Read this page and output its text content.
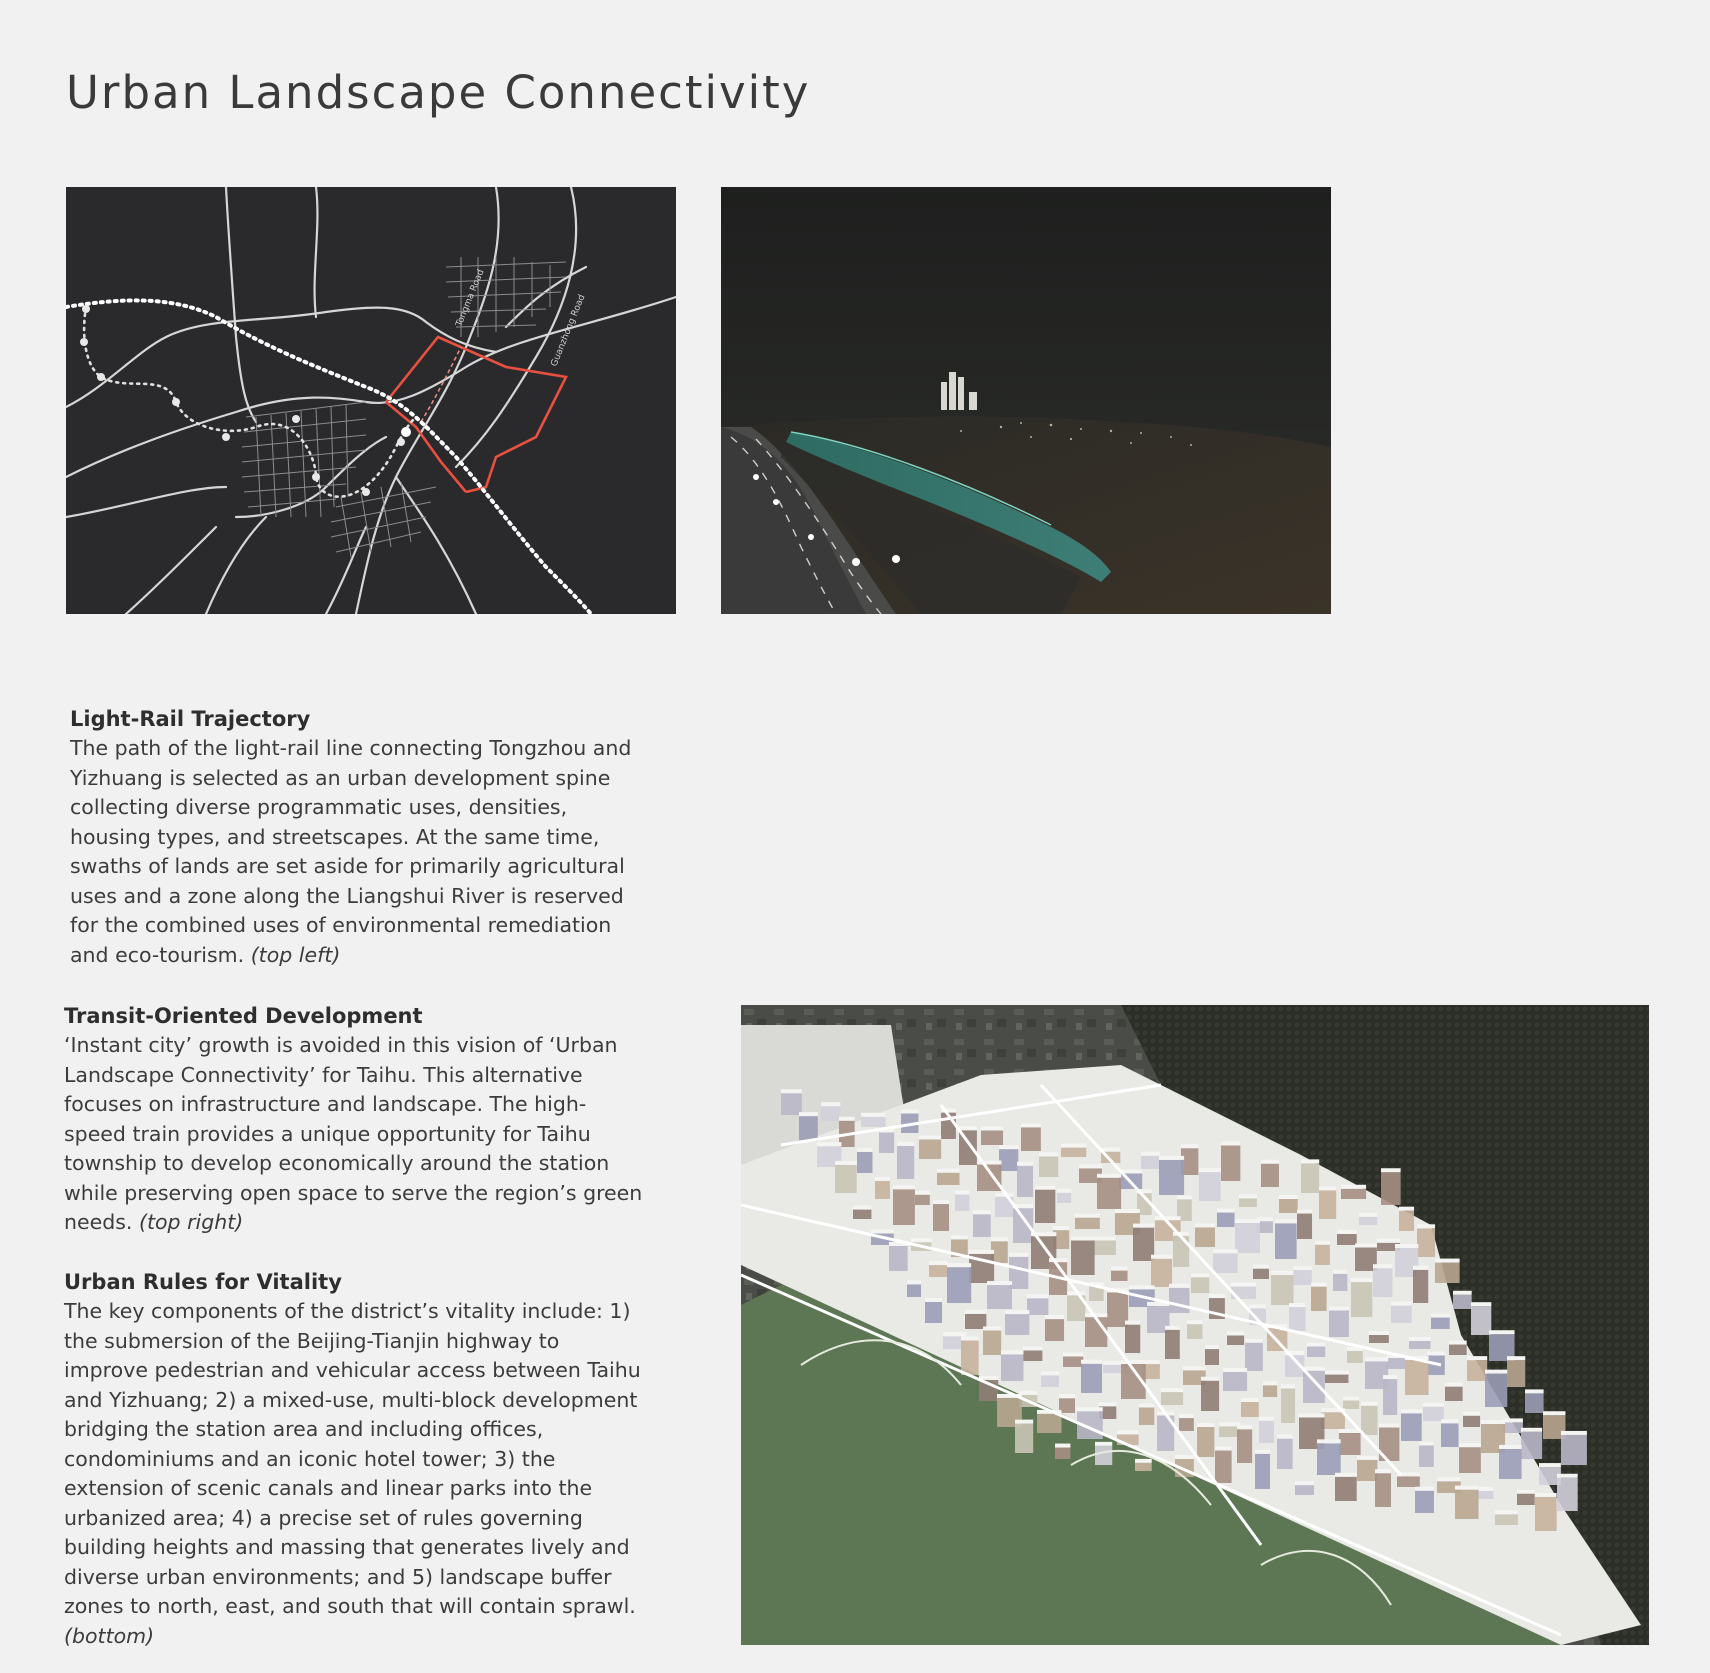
Urban Landscape Connectivity
Tongma Road	Guanzhong Road
Light-Rail Trajectory

The path of the light-rail line connecting Tongzhou and Yizhuang is selected as an urban development spine collecting diverse programmatic uses, densities, housing types, and streetscapes. At the same time, swaths of lands are set aside for primarily agricultural uses and a zone along the Liangshui River is reserved for the combined uses of environmental remediation and eco-tourism. (top left)

Transit-Oriented Development

‘Instant city’ growth is avoided in this vision of ‘Urban Landscape Connectivity’ for Taihu. This alternative focuses on infrastructure and landscape. The high-speed train provides a unique opportunity for Taihu township to develop economically around the station while preserving open space to serve the region’s green needs. (top right)

Urban Rules for Vitality

The key components of the district’s vitality include: 1) the submersion of the Beijing-Tianjin highway to improve pedestrian and vehicular access between Taihu and Yizhuang; 2) a mixed-use, multi-block development bridging the station area and including offices, condominiums and an iconic hotel tower; 3) the extension of scenic canals and linear parks into the urbanized area; 4) a precise set of rules governing building heights and massing that generates lively and diverse urban environments; and 5) landscape buffer zones to north, east, and south that will contain sprawl. (bottom)
